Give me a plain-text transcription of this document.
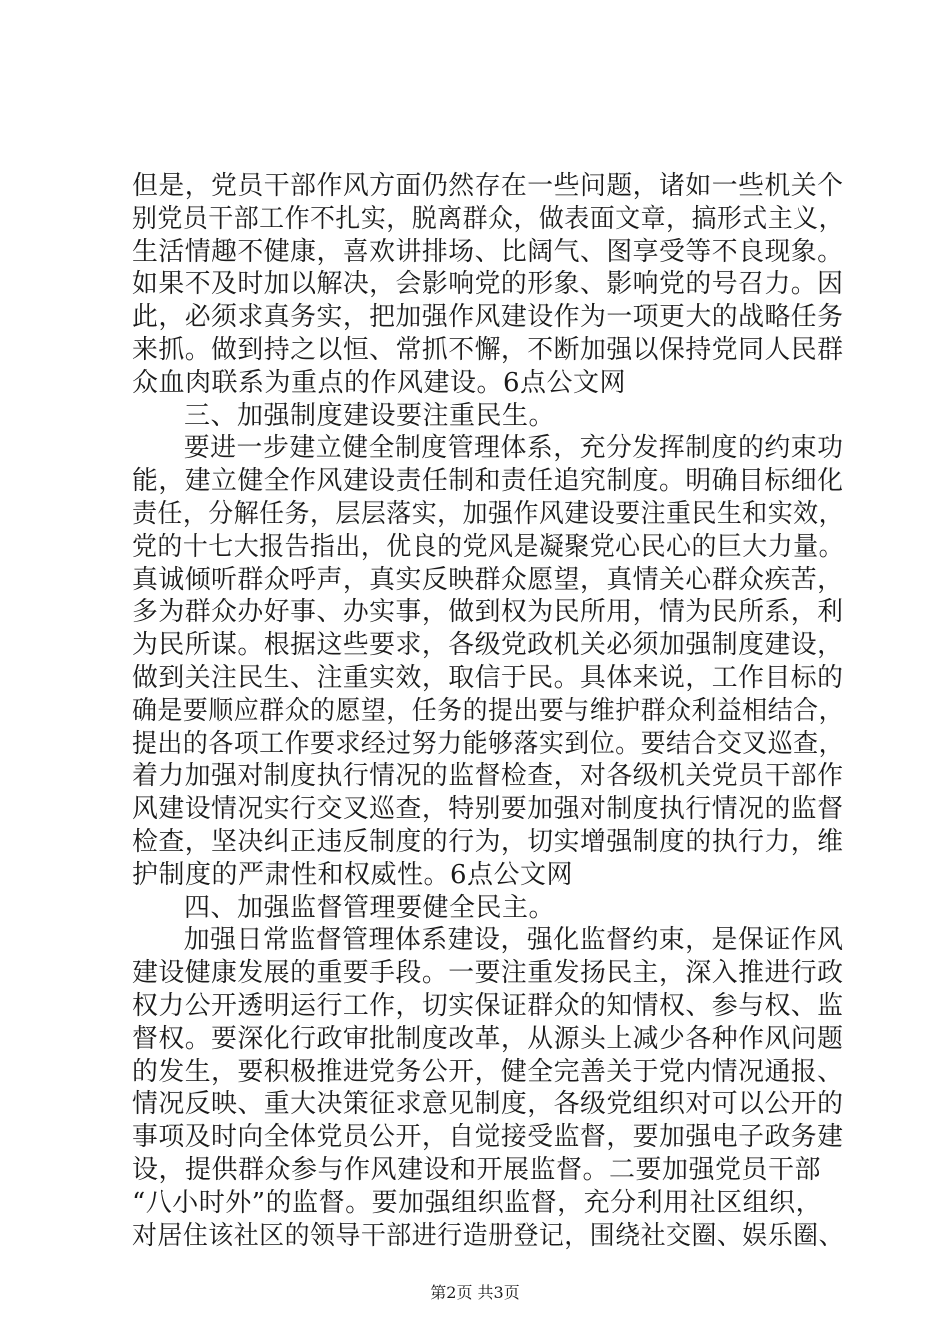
但是，党员干部作风方面仍然存在一些问题，诸如一些机关个
别党员干部工作不扎实，脱离群众，做表面文章，搞形式主义，
生活情趣不健康，喜欢讲排场、比阔气、图享受等不良现象。
如果不及时加以解决，会影响党的形象、影响党的号召力。因
此，必须求真务实，把加强作风建设作为一项更大的战略任务
来抓。做到持之以恒、常抓不懈，不断加强以保持党同人民群
众血肉联系为重点的作风建设。6点公文网
三、加强制度建设要注重民生。
要进一步建立健全制度管理体系，充分发挥制度的约束功
能，建立健全作风建设责任制和责任追究制度。明确目标细化
责任，分解任务，层层落实，加强作风建设要注重民生和实效，
党的十七大报告指出，优良的党风是凝聚党心民心的巨大力量。
真诚倾听群众呼声，真实反映群众愿望，真情关心群众疾苦，
多为群众办好事、办实事，做到权为民所用，情为民所系，利
为民所谋。根据这些要求，各级党政机关必须加强制度建设，
做到关注民生、注重实效，取信于民。具体来说，工作目标的
确是要顺应群众的愿望，任务的提出要与维护群众利益相结合，
提出的各项工作要求经过努力能够落实到位。要结合交叉巡查，
着力加强对制度执行情况的监督检查，对各级机关党员干部作
风建设情况实行交叉巡查，特别要加强对制度执行情况的监督
检查，坚决纠正违反制度的行为，切实增强制度的执行力，维
护制度的严肃性和权威性。6点公文网
四、加强监督管理要健全民主。
加强日常监督管理体系建设，强化监督约束，是保证作风
建设健康发展的重要手段。一要注重发扬民主，深入推进行政
权力公开透明运行工作，切实保证群众的知情权、参与权、监
督权。要深化行政审批制度改革，从源头上减少各种作风问题
的发生，要积极推进党务公开，健全完善关于党内情况通报、
情况反映、重大决策征求意见制度，各级党组织对可以公开的
事项及时向全体党员公开，自觉接受监督，要加强电子政务建
设，提供群众参与作风建设和开展监督。二要加强党员干部
“八小时外”的监督。要加强组织监督，充分利用社区组织，
对居住该社区的领导干部进行造册登记，围绕社交圈、娱乐圈、
第2页 共3页
